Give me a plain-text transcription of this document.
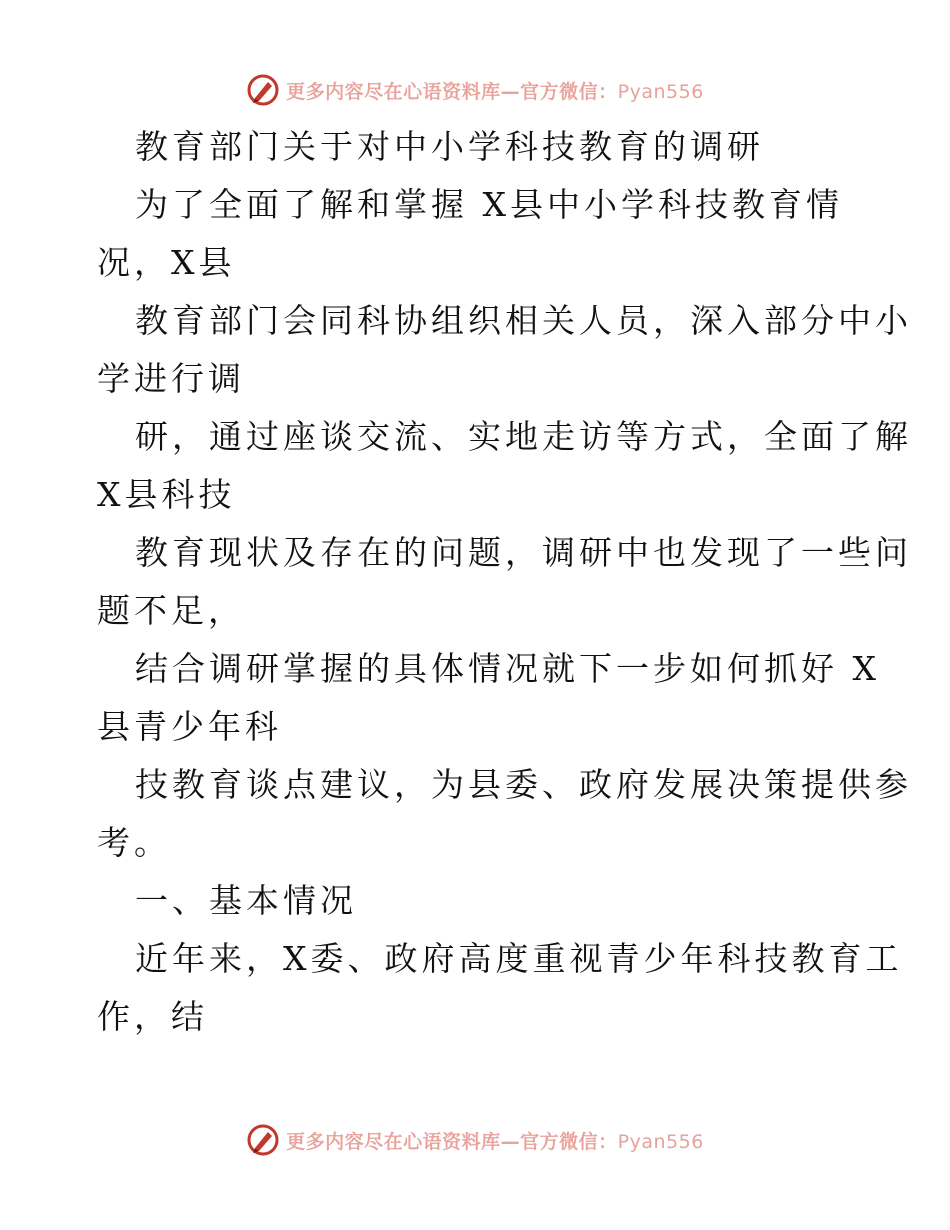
更多内容尽在心语资料库—官方微信：Pyan556
教育部门关于对中小学科技教育的调研
为了全面了解和掌握 X县中小学科技教育情
况，X县
教育部门会同科协组织相关人员，深入部分中小
学进行调
研，通过座谈交流、实地走访等方式，全面了解
X县科技
教育现状及存在的问题，调研中也发现了一些问
题不足，
结合调研掌握的具体情况就下一步如何抓好 X
县青少年科
技教育谈点建议，为县委、政府发展决策提供参
考。
一、基本情况
近年来，X委、政府高度重视青少年科技教育工
作，结
更多内容尽在心语资料库—官方微信：Pyan556
